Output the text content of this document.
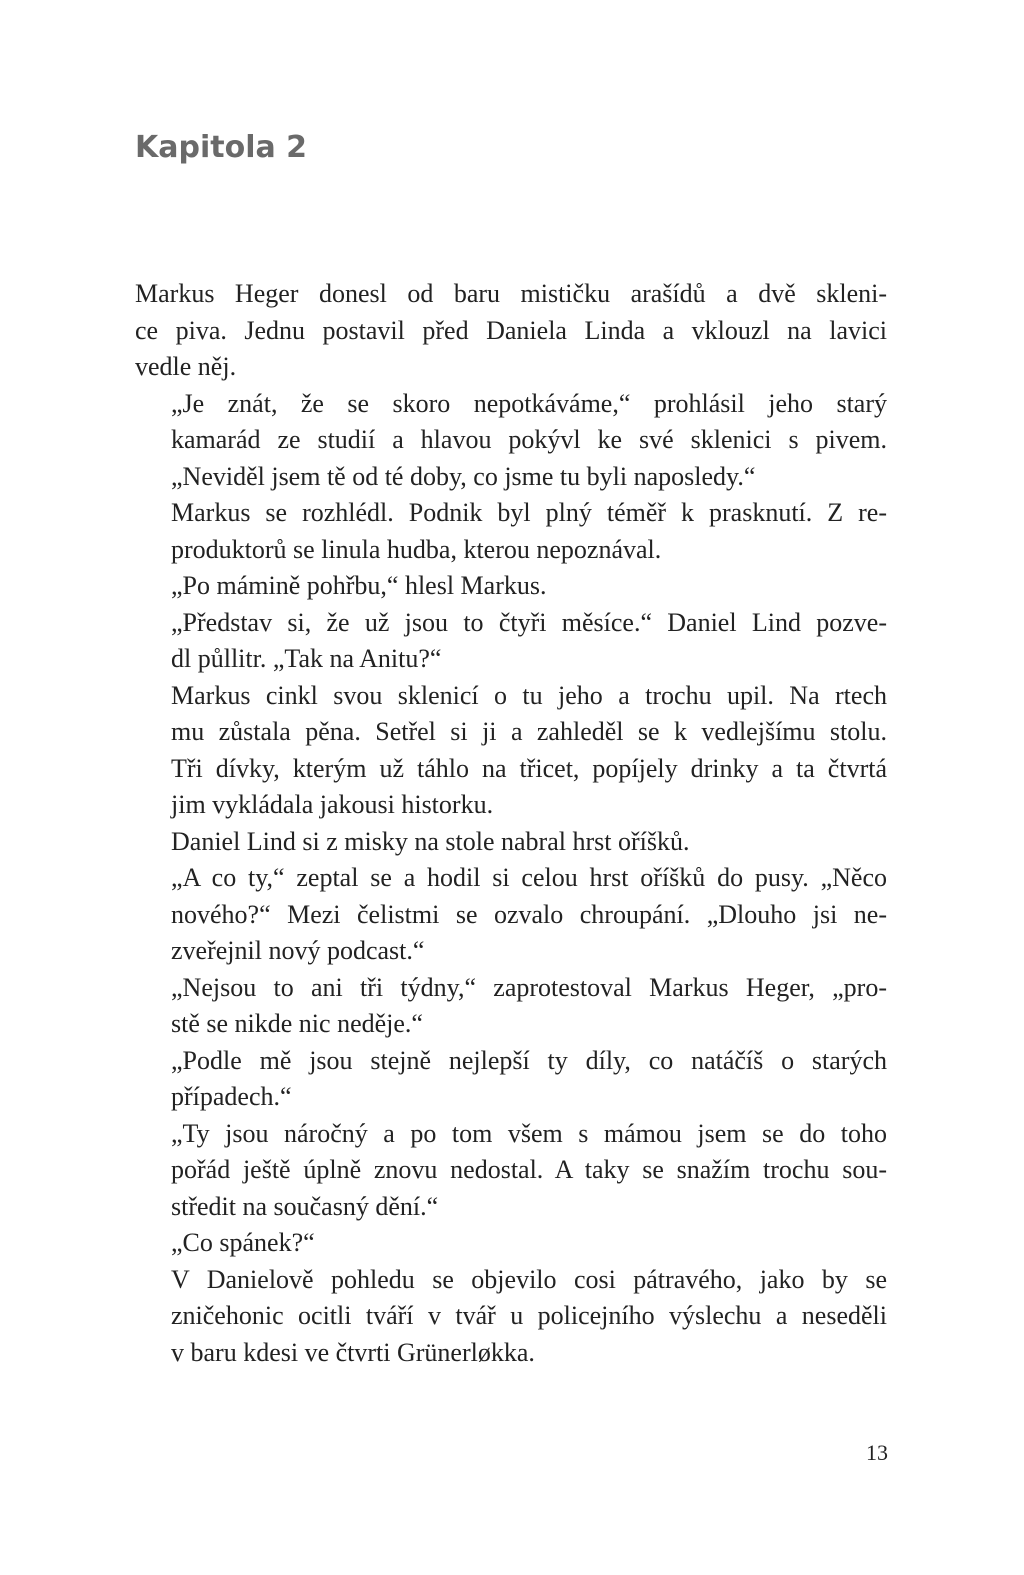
Kapitola 2

Markus Heger donesl od baru mističku arašídů a dvě skleni-
ce piva. Jednu postavil před Daniela Linda a vklouzl na lavici
vedle něj.

„Je znát, že se skoro nepotkáváme,“ prohlásil jeho starý
kamarád ze studií a hlavou pokývl ke své sklenici s pivem.
„Neviděl jsem tě od té doby, co jsme tu byli naposledy.“

Markus se rozhlédl. Podnik byl plný téměř k prasknutí. Z re-
produktorů se linula hudba, kterou nepoznával.

„Po mámině pohřbu,“ hlesl Markus.

„Představ si, že už jsou to čtyři měsíce.“ Daniel Lind pozve-
dl půllitr. „Tak na Anitu?“

Markus cinkl svou sklenicí o tu jeho a trochu upil. Na rtech
mu zůstala pěna. Setřel si ji a zahleděl se k vedlejšímu stolu.
Tři dívky, kterým už táhlo na třicet, popíjely drinky a ta čtvrtá
jim vykládala jakousi historku.

Daniel Lind si z misky na stole nabral hrst oříšků.

„A co ty,“ zeptal se a hodil si celou hrst oříšků do pusy. „Něco
nového?“ Mezi čelistmi se ozvalo chroupání. „Dlouho jsi ne-
zveřejnil nový podcast.“

„Nejsou to ani tři týdny,“ zaprotestoval Markus Heger, „pro-
stě se nikde nic neděje.“

„Podle mě jsou stejně nejlepší ty díly, co natáčíš o starých
případech.“

„Ty jsou náročný a po tom všem s mámou jsem se do toho
pořád ještě úplně znovu nedostal. A taky se snažím trochu sou-
středit na současný dění.“

„Co spánek?“

V Danielově pohledu se objevilo cosi pátravého, jako by se
zničehonic ocitli tváří v tvář u policejního výslechu a neseděli
v baru kdesi ve čtvrti Grünerløkka.

13
